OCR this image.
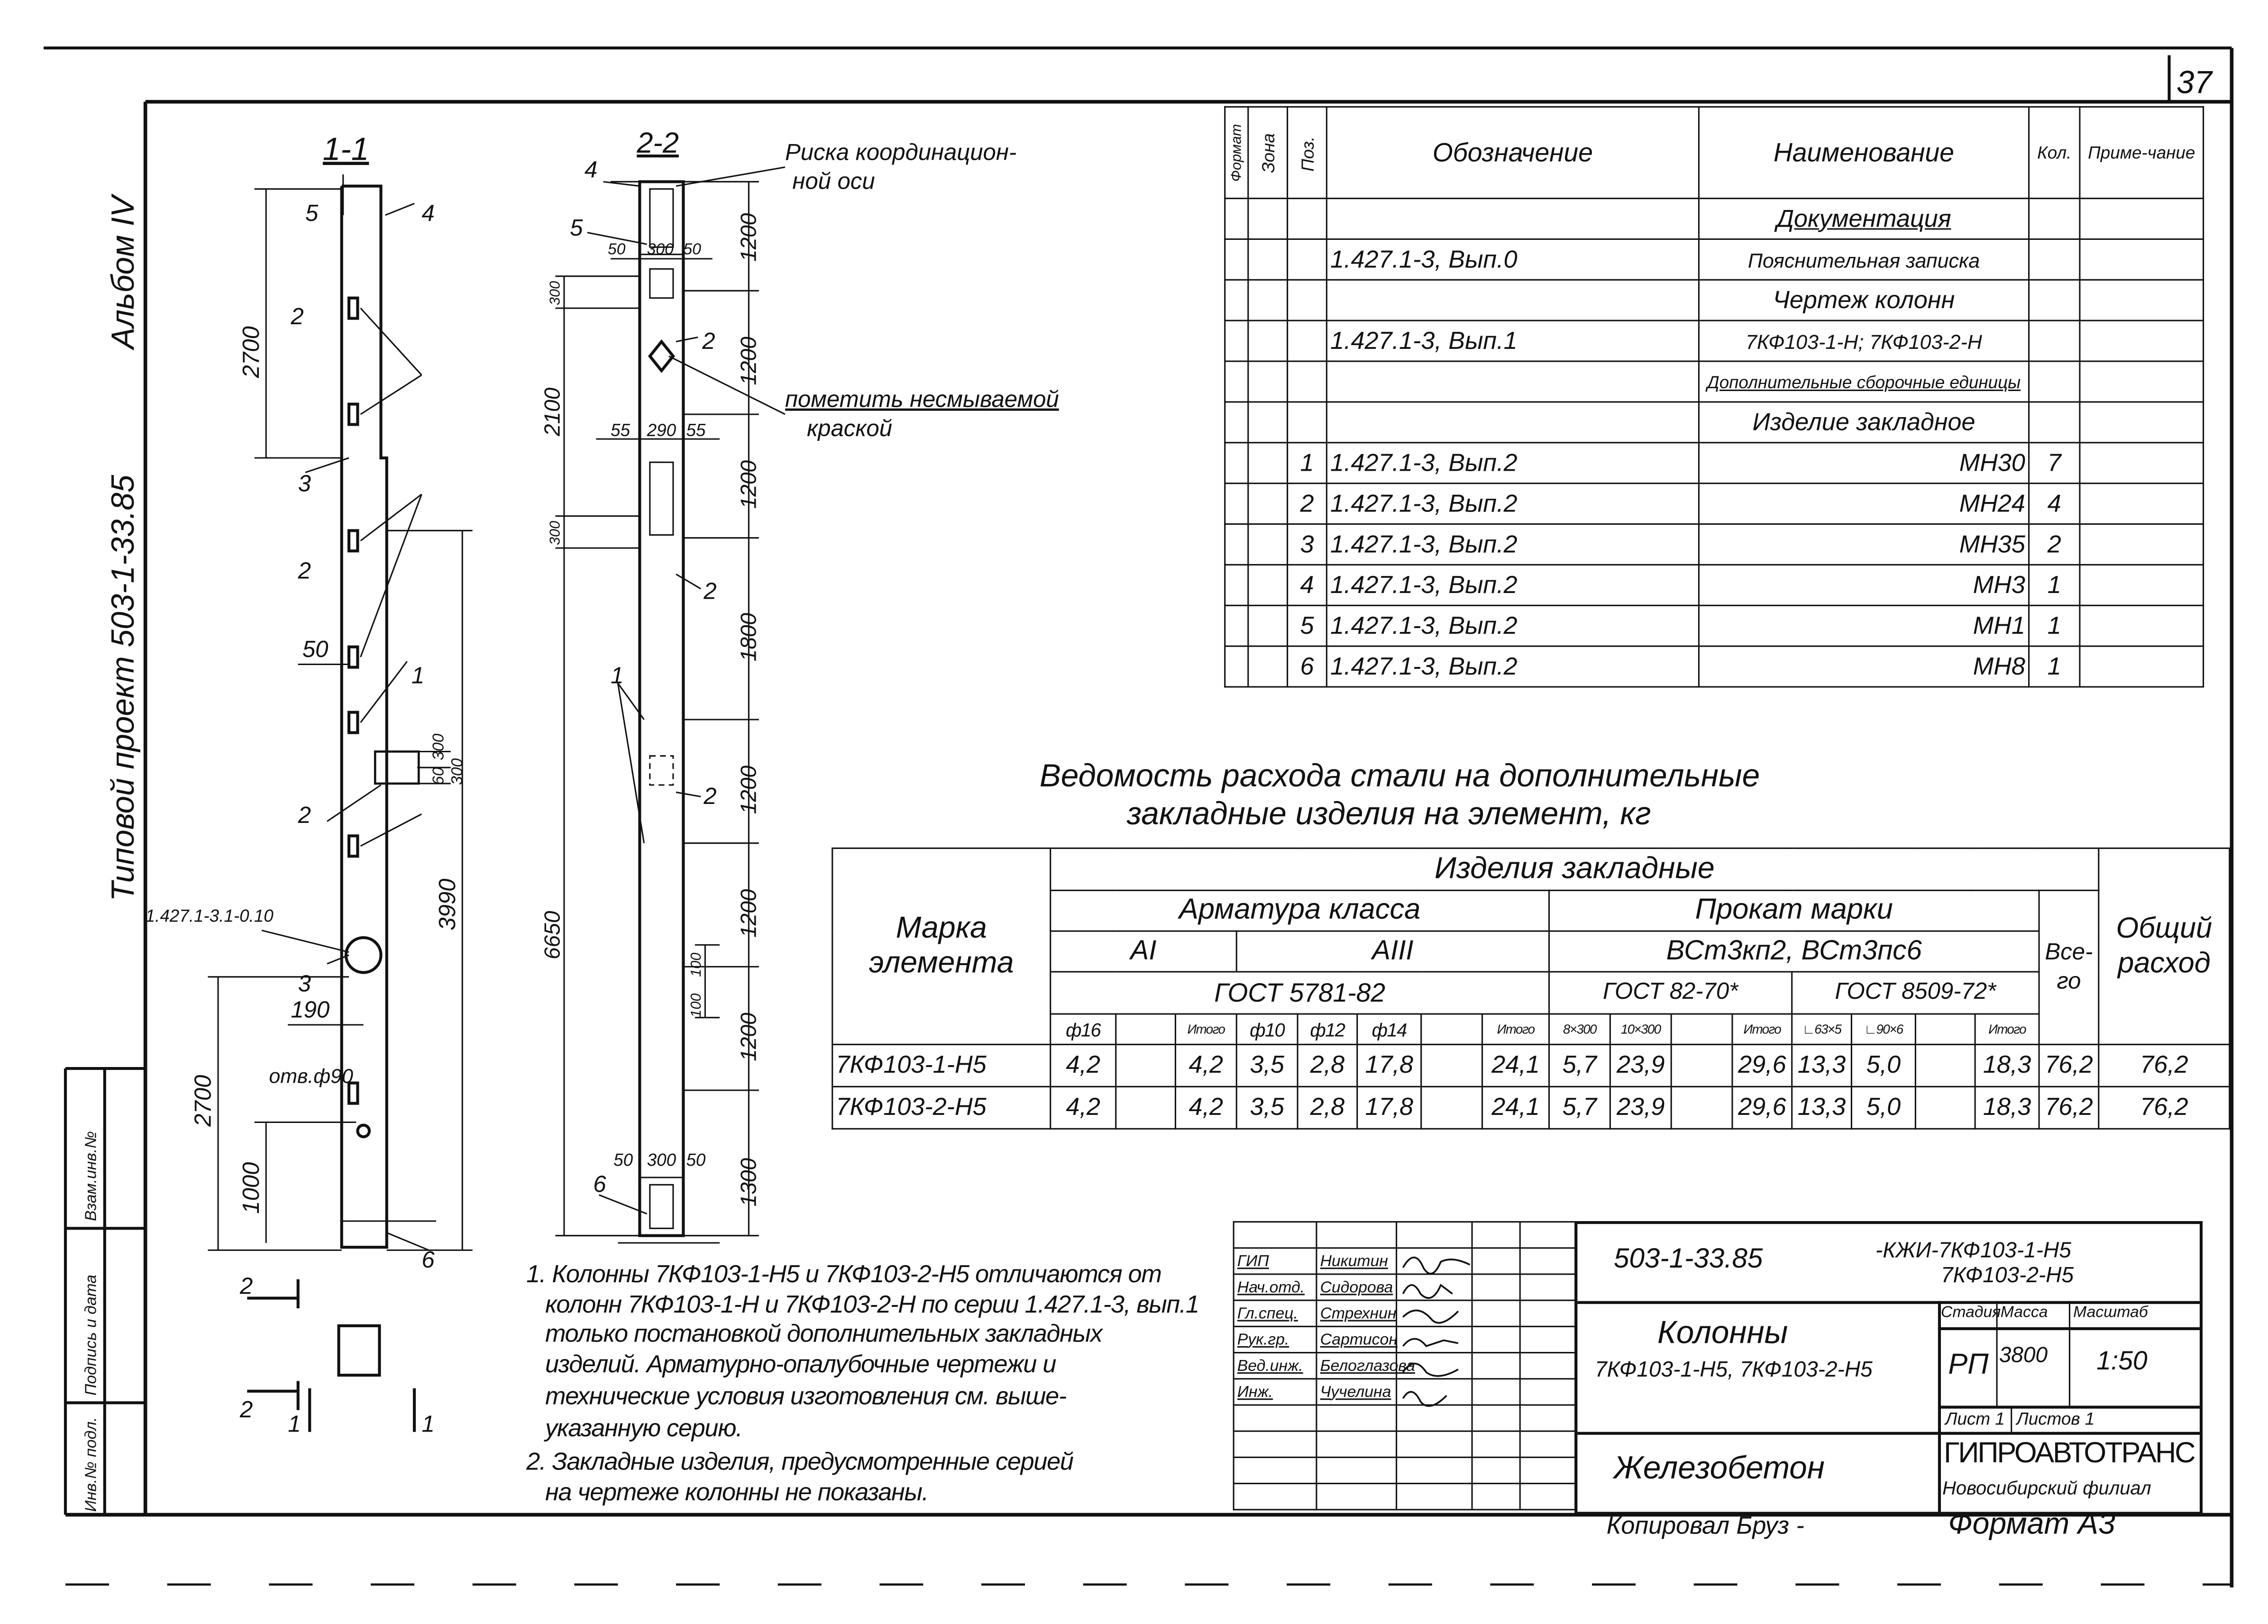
37
1-1
5	4
2
3
2
2
1
3
6
50
190
1.427.1-3.1-0.10
отв.ф90
2700
3990
2700
1000
60
300
300
2-2
4
5
50	300 50
55	290 55
50 300 50
2
2
2
1
6
Риска координацион-
ной оси
пометить несмываемой
краской
1200
1200
1200
1800
1200
1200
1200
1300
300
2100
300
6650
100
100
2
2
1	1
Типовой проект 503-1-33.85
Альбом IV
Инв.№ подл.
Подпись и дата
Взам.инв.№
Формат	Зона	Поз.	Обозначение	Наименование	Кол.	Приме-чание
				Документация		
			1.427.1-3, Вып.0	Пояснительная записка		
				Чертеж колонн		
			1.427.1-3, Вып.1	7КФ103-1-Н; 7КФ103-2-Н		
				Дополнительные сборочные единицы		
				Изделие закладное		
		1	1.427.1-3, Вып.2	МН30	7	
		2	1.427.1-3, Вып.2	МН24	4	
		3	1.427.1-3, Вып.2	МН35	2	
		4	1.427.1-3, Вып.2	МН3	1	
		5	1.427.1-3, Вып.2	МН1	1	
		6	1.427.1-3, Вып.2	МН8	1	
Ведомость расхода стали на дополнительные
закладные изделия на элемент, кг
Марка элемента	Изделия закладные																	Общий расход
	Арматура класса								Прокат марки								Все-го	
	AI			AIII					ВСт3кп2, ВСт3пс6									
	ГОСТ 5781-82								ГОСТ 82-70*				ГОСТ 8509-72*					
	ф16		Итого	ф10	ф12	ф14		Итого	8×300	10×300		Итого	∟63×5	∟90×6		Итого		
7КФ103-1-Н5	4,2		4,2	3,5	2,8	17,8		24,1	5,7	23,9		29,6	13,3	5,0		18,3	76,2	76,2
7КФ103-2-Н5	4,2		4,2	3,5	2,8	17,8		24,1	5,7	23,9		29,6	13,3	5,0		18,3	76,2	76,2
1. Колонны 7КФ103-1-Н5 и 7КФ103-2-Н5 отличаются от
колонн 7КФ103-1-Н и 7КФ103-2-Н по серии 1.427.1-3, вып.1
только постановкой дополнительных закладных
изделий. Арматурно-опалубочные чертежи и
технические условия изготовления см. выше-
указанную серию.
2. Закладные изделия, предусмотренные серией
на чертеже колонны не показаны.

ГИП	Никитин			
Нач.отд.	Сидорова			
Гл.спец.	Стрехнин			
Рук.гр.	Сартисон			
Вед.инж.	Белоглазова			
Инж.	Чучелина			

503-1-33.85	-КЖИ-7КФ103-1-Н5
7КФ103-2-Н5
Колонны
7КФ103-1-Н5, 7КФ103-2-Н5
Железобетон
Стадия Масса	Масштаб
РП 3800	1:50
Лист 1 Листов 1
ГИПРОАВТОТРАНС
Новосибирский филиал
Копировал Бруз -	Формат А3
